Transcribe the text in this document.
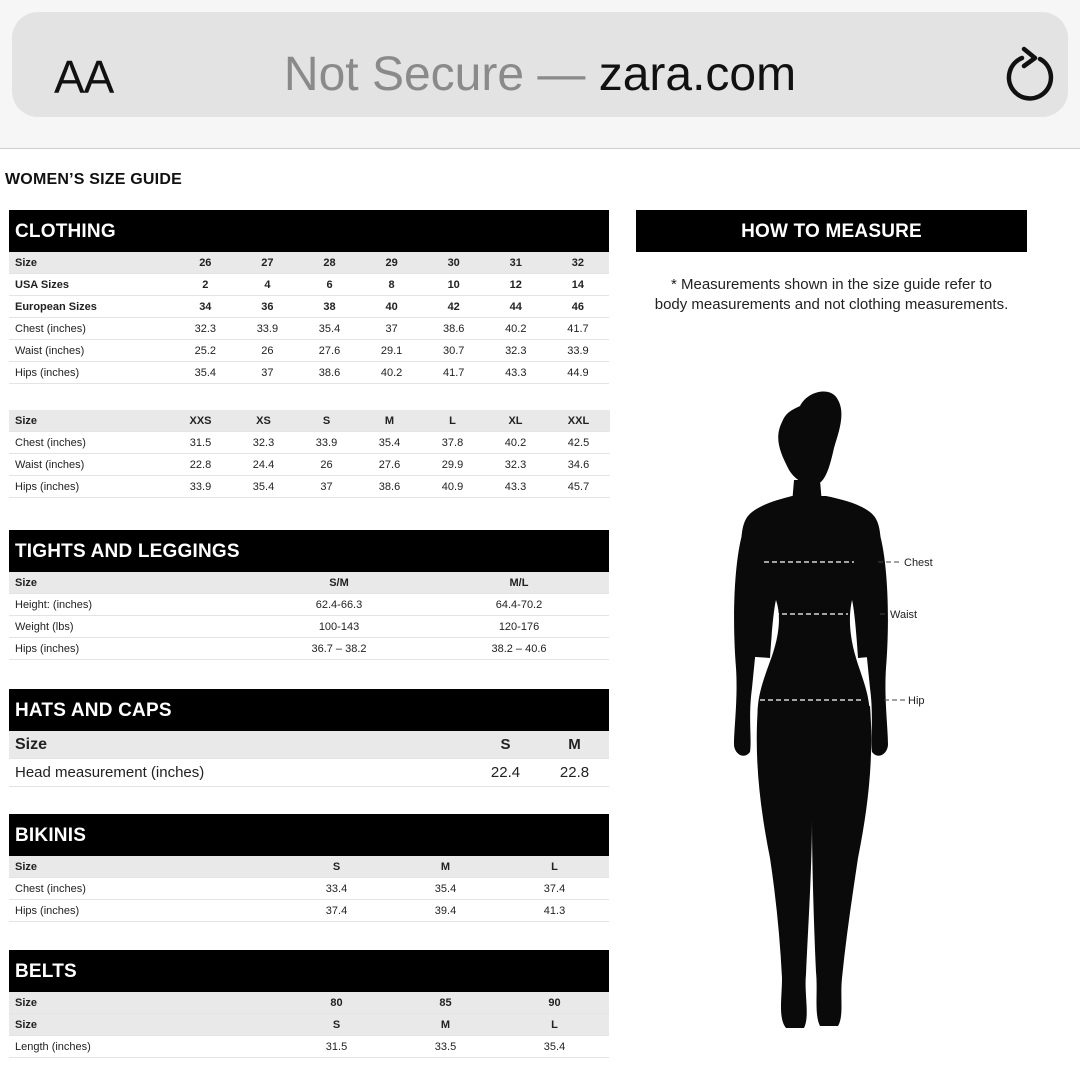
AA	Not Secure — zara.com
WOMEN’S SIZE GUIDE
CLOTHING
Size	26	27	28	29	30	31	32
USA Sizes	2	4	6	8	10	12	14
European Sizes	34	36	38	40	42	44	46
Chest (inches)	32.3	33.9	35.4	37	38.6	40.2	41.7
Waist (inches)	25.2	26	27.6	29.1	30.7	32.3	33.9
Hips (inches)	35.4	37	38.6	40.2	41.7	43.3	44.9
Size	XXS	XS	S	M	L	XL	XXL
Chest (inches)	31.5	32.3	33.9	35.4	37.8	40.2	42.5
Waist (inches)	22.8	24.4	26	27.6	29.9	32.3	34.6
Hips (inches)	33.9	35.4	37	38.6	40.9	43.3	45.7
TIGHTS AND LEGGINGS
Size	S/M	M/L
Height: (inches)	62.4-66.3	64.4-70.2
Weight (lbs)	100-143	120-176
Hips (inches)	36.7 – 38.2	38.2 – 40.6
HATS AND CAPS
Size	S	M
Head measurement (inches)	22.4	22.8
BIKINIS
Size	S	M	L
Chest (inches)	33.4	35.4	37.4
Hips (inches)	37.4	39.4	41.3
BELTS
Size	80	85	90
Size	S	M	L
Length (inches)	31.5	33.5	35.4
HOW TO MEASURE
* Measurements shown in the size guide refer to body measurements and not clothing measurements.
Chest
Waist
Hip
